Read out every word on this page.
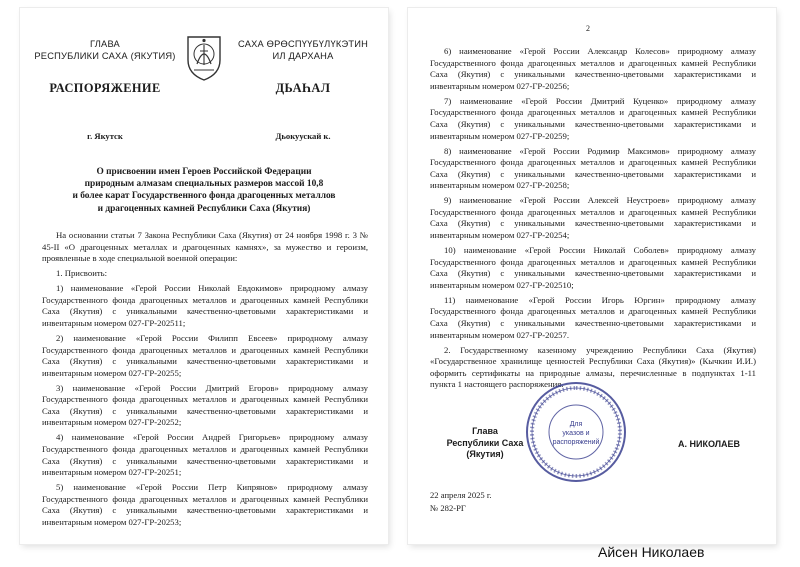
ГЛАВА
РЕСПУБЛИКИ САХА (ЯКУТИЯ)
САХА ӨРӨСПҮҮБҮЛҮКЭТИН
ИЛ ДАРХАНА
РАСПОРЯЖЕНИЕ	ДЬАҺАЛ
г. Якутск	Дьокуускай к.
О присвоении имен Героев Российской Федерации
природным алмазам специальных размеров массой 10,8
и более карат Государственного фонда драгоценных металлов
и драгоценных камней Республики Саха (Якутия)

На основании статьи 7 Закона Республики Саха (Якутия) от 24 ноября 1998 г. 3 № 45-II «О драгоценных металлах и драгоценных камнях», за мужество и героизм, проявленные в ходе специальной военной операции:

1. Присвоить:

1) наименование «Герой России Николай Евдокимов» природному алмазу Государственного фонда драгоценных металлов и драгоценных камней Республики Саха (Якутия) с уникальными качественно-цветовыми характеристиками и инвентарным номером 027-ГР-202511;

2) наименование «Герой России Филипп Евсеев» природному алмазу Государственного фонда драгоценных металлов и драгоценных камней Республики Саха (Якутия) с уникальными качественно-цветовыми характеристиками и инвентарным номером 027-ГР-20255;

3) наименование «Герой России Дмитрий Егоров» природному алмазу Государственного фонда драгоценных металлов и драгоценных камней Республики Саха (Якутия) с уникальными качественно-цветовыми характеристиками и инвентарным номером 027-ГР-20252;

4) наименование «Герой России Андрей Григорьев» природному алмазу Государственного фонда драгоценных металлов и драгоценных камней Республики Саха (Якутия) с уникальными качественно-цветовыми характеристиками и инвентарным номером 027-ГР-20251;

5) наименование «Герой России Петр Кипрянов» природному алмазу Государственного фонда драгоценных металлов и драгоценных камней Республики Саха (Якутия) с уникальными качественно-цветовыми характеристиками и инвентарным номером 027-ГР-20253;

2

6) наименование «Герой России Александр Колесов» природному алмазу Государственного фонда драгоценных металлов и драгоценных камней Республики Саха (Якутия) с уникальными качественно-цветовыми характеристиками и инвентарным номером 027-ГР-20256;

7) наименование «Герой России Дмитрий Куценко» природному алмазу Государственного фонда драгоценных металлов и драгоценных камней Республики Саха (Якутия) с уникальными качественно-цветовыми характеристиками и инвентарным номером 027-ГР-20259;

8) наименование «Герой России Родимир Максимов» природному алмазу Государственного фонда драгоценных металлов и драгоценных камней Республики Саха (Якутия) с уникальными качественно-цветовыми характеристиками и инвентарным номером 027-ГР-20258;

9) наименование «Герой России Алексей Неустроев» природному алмазу Государственного фонда драгоценных металлов и драгоценных камней Республики Саха (Якутия) с уникальными качественно-цветовыми характеристиками и инвентарным номером 027-ГР-20254;

10) наименование «Герой России Николай Соболев» природному алмазу Государственного фонда драгоценных металлов и драгоценных камней Республики Саха (Якутия) с уникальными качественно-цветовыми характеристиками и инвентарным номером 027-ГР-202510;

11) наименование «Герой России Игорь Юргин» природному алмазу Государственного фонда драгоценных металлов и драгоценных камней Республики Саха (Якутия) с уникальными качественно-цветовыми характеристиками и инвентарным номером 027-ГР-20257.

2. Государственному казенному учреждению Республики Саха (Якутия) «Государственное хранилище ценностей Республики Саха (Якутия)» (Кычкин И.И.) оформить сертификаты на природные алмазы, перечисленные в подпунктах 1-11 пункта 1 настоящего распоряжения.

Для
указов и
распоряжений
Глава
Республики Саха (Якутия)
А. НИКОЛАЕВ
22 апреля 2025 г.
№ 282-РГ
Айсен Николаев
